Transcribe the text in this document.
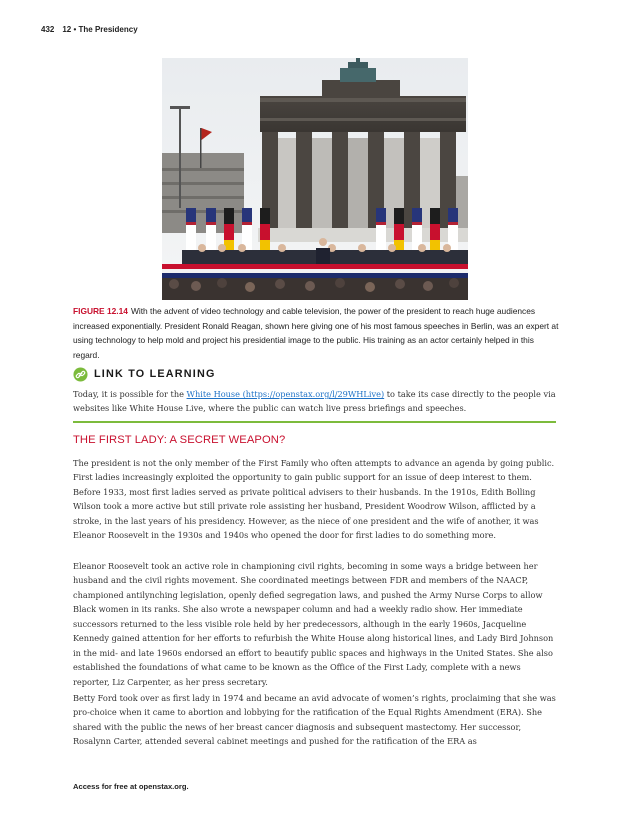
432 12 • The Presidency
FIGURE 12.14 With the advent of video technology and cable television, the power of the president to reach huge audiences increased exponentially. President Ronald Reagan, shown here giving one of his most famous speeches in Berlin, was an expert at using technology to help mold and project his presidential image to the public. His training as an actor certainly helped in this regard.
LINK TO LEARNING
Today, it is possible for the White House (https://openstax.org/l/29WHLive) to take its case directly to the people via websites like White House Live, where the public can watch live press briefings and speeches.
THE FIRST LADY: A SECRET WEAPON?

The president is not the only member of the First Family who often attempts to advance an agenda by going public. First ladies increasingly exploited the opportunity to gain public support for an issue of deep interest to them. Before 1933, most first ladies served as private political advisers to their husbands. In the 1910s, Edith Bolling Wilson took a more active but still private role assisting her husband, President Woodrow Wilson, afflicted by a stroke, in the last years of his presidency. However, as the niece of one president and the wife of another, it was Eleanor Roosevelt in the 1930s and 1940s who opened the door for first ladies to do something more.

Eleanor Roosevelt took an active role in championing civil rights, becoming in some ways a bridge between her husband and the civil rights movement. She coordinated meetings between FDR and members of the NAACP, championed antilynching legislation, openly defied segregation laws, and pushed the Army Nurse Corps to allow Black women in its ranks. She also wrote a newspaper column and had a weekly radio show. Her immediate successors returned to the less visible role held by her predecessors, although in the early 1960s, Jacqueline Kennedy gained attention for her efforts to refurbish the White House along historical lines, and Lady Bird Johnson in the mid- and late 1960s endorsed an effort to beautify public spaces and highways in the United States. She also established the foundations of what came to be known as the Office of the First Lady, complete with a news reporter, Liz Carpenter, as her press secretary.

Betty Ford took over as first lady in 1974 and became an avid advocate of women’s rights, proclaiming that she was pro-choice when it came to abortion and lobbying for the ratification of the Equal Rights Amendment (ERA). She shared with the public the news of her breast cancer diagnosis and subsequent mastectomy. Her successor, Rosalynn Carter, attended several cabinet meetings and pushed for the ratification of the ERA as

Access for free at openstax.org.
